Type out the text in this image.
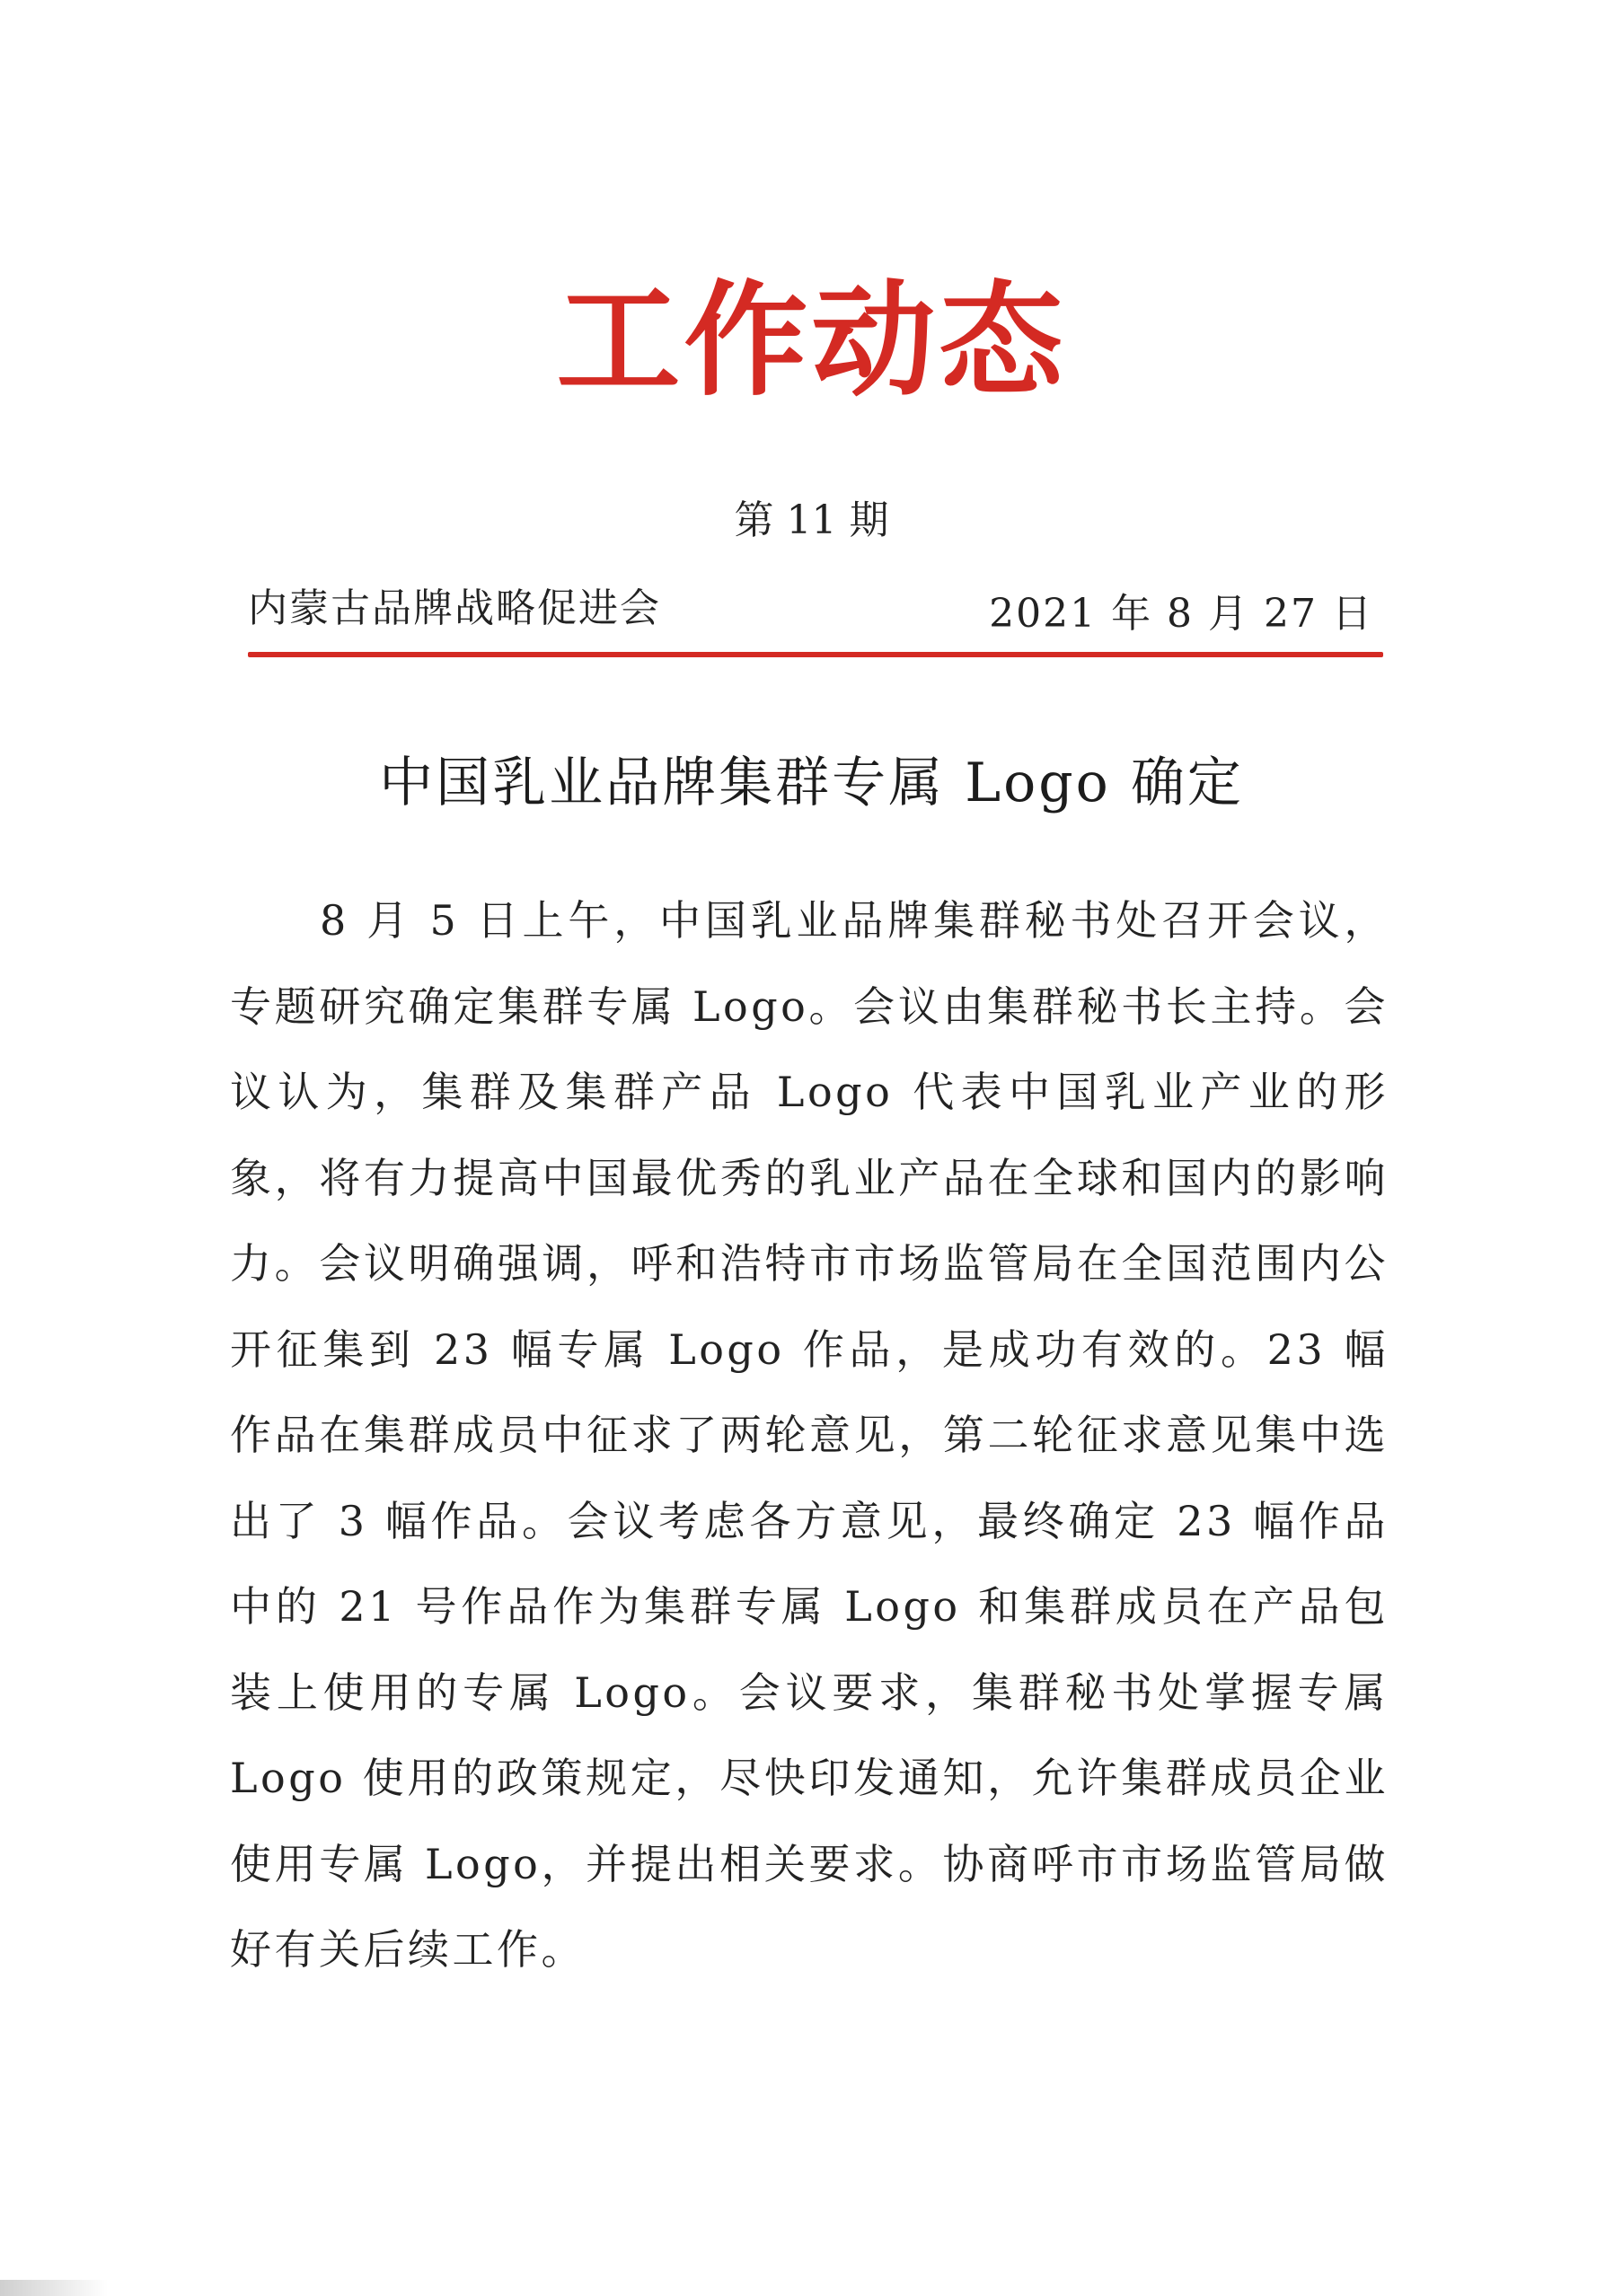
工作动态
第 11 期
内蒙古品牌战略促进会	2021 年 8 月 27 日
中国乳业品牌集群专属 Logo 确定

8 月 5 日上午，中国乳业品牌集群秘书处召开会议，专题研究确定集群专属 Logo。会议由集群秘书长主持。会议认为，集群及集群产品 Logo 代表中国乳业产业的形象，将有力提高中国最优秀的乳业产品在全球和国内的影响力。会议明确强调，呼和浩特市市场监管局在全国范围内公开征集到 23 幅专属 Logo 作品，是成功有效的。23 幅作品在集群成员中征求了两轮意见，第二轮征求意见集中选出了 3 幅作品。会议考虑各方意见，最终确定 23 幅作品中的 21 号作品作为集群专属 Logo 和集群成员在产品包装上使用的专属 Logo。会议要求，集群秘书处掌握专属 Logo 使用的政策规定，尽快印发通知，允许集群成员企业使用专属 Logo，并提出相关要求。协商呼市市场监管局做好有关后续工作。
